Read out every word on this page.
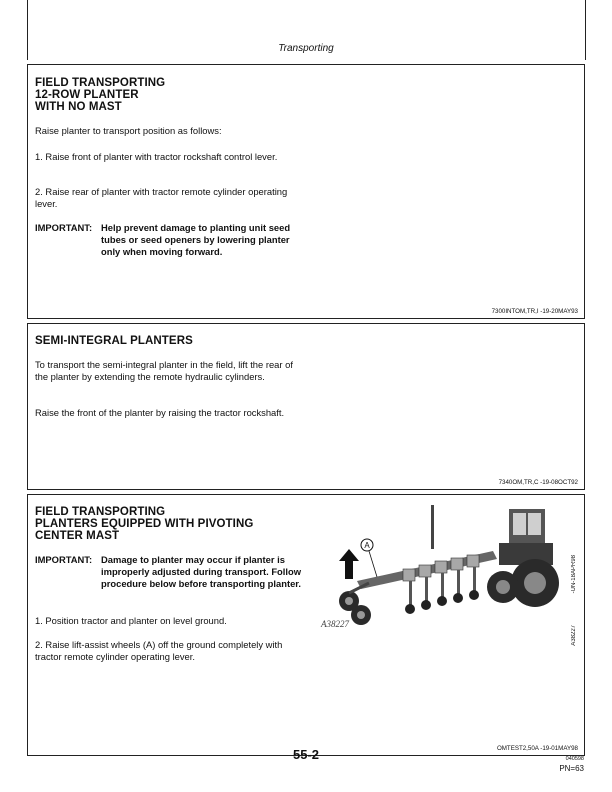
Transporting
FIELD TRANSPORTING
12-ROW PLANTER
WITH NO MAST

Raise planter to transport position as follows:

1. Raise front of planter with tractor rockshaft control lever.

2. Raise rear of planter with tractor remote cylinder operating lever.

IMPORTANT: Help prevent damage to planting unit seed tubes or seed openers by lowering planter only when moving forward.
7300INTOM,TR,I -19-20MAY93
SEMI-INTEGRAL PLANTERS

To transport the semi-integral planter in the field, lift the rear of the planter by extending the remote hydraulic cylinders.

Raise the front of the planter by raising the tractor rockshaft.

7340OM,TR,C -19-08OCT92
FIELD TRANSPORTING
PLANTERS EQUIPPED WITH PIVOTING
CENTER MAST
IMPORTANT: Damage to planter may occur if planter is improperly adjusted during transport. Follow procedure below before transporting planter.

1. Position tractor and planter on level ground.

2. Raise lift-assist wheels (A) off the ground completely with tractor remote cylinder operating lever.

A
A38227
-UN-18APR98
A38227
OMTEST2,50A -19-01MAY98
55-2	040598
PN=63
